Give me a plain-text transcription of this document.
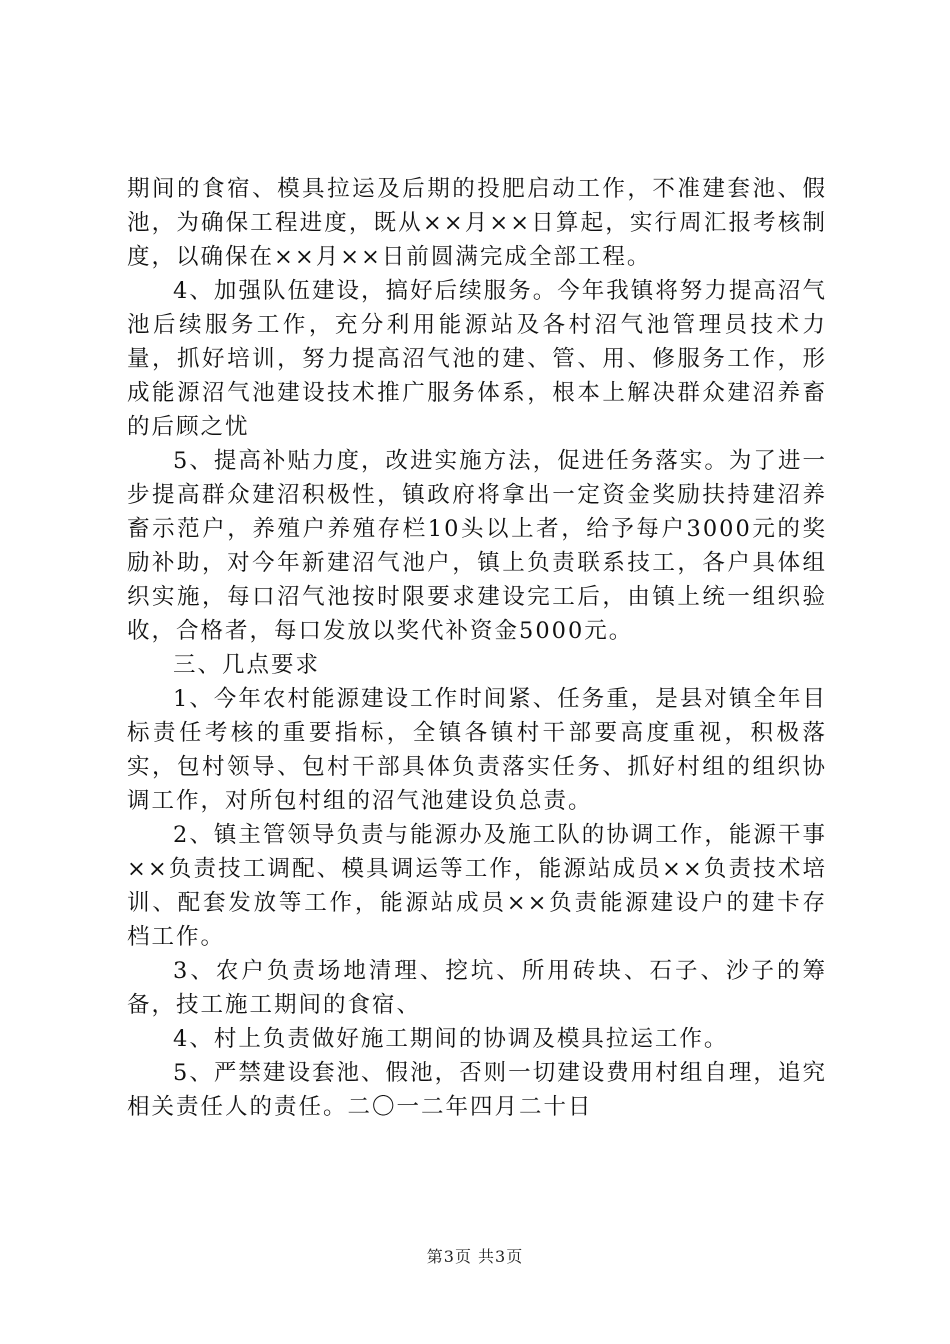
期间的食宿、模具拉运及后期的投肥启动工作，不准建套池、假池，为确保工程进度，既从××月××日算起，实行周汇报考核制度，以确保在××月××日前圆满完成全部工程。

4、加强队伍建设，搞好后续服务。今年我镇将努力提高沼气池后续服务工作，充分利用能源站及各村沼气池管理员技术力量，抓好培训，努力提高沼气池的建、管、用、修服务工作，形成能源沼气池建设技术推广服务体系，根本上解决群众建沼养畜的后顾之忧

5、提高补贴力度，改进实施方法，促进任务落实。为了进一步提高群众建沼积极性，镇政府将拿出一定资金奖励扶持建沼养畜示范户，养殖户养殖存栏10头以上者，给予每户3000元的奖励补助，对今年新建沼气池户，镇上负责联系技工，各户具体组织实施，每口沼气池按时限要求建设完工后，由镇上统一组织验收，合格者，每口发放以奖代补资金5000元。

三、几点要求

1、今年农村能源建设工作时间紧、任务重，是县对镇全年目标责任考核的重要指标，全镇各镇村干部要高度重视，积极落实，包村领导、包村干部具体负责落实任务、抓好村组的组织协调工作，对所包村组的沼气池建设负总责。

2、镇主管领导负责与能源办及施工队的协调工作，能源干事××负责技工调配、模具调运等工作，能源站成员××负责技术培训、配套发放等工作，能源站成员××负责能源建设户的建卡存档工作。

3、农户负责场地清理、挖坑、所用砖块、石子、沙子的筹备，技工施工期间的食宿、

4、村上负责做好施工期间的协调及模具拉运工作。

5、严禁建设套池、假池，否则一切建设费用村组自理，追究相关责任人的责任。二〇一二年四月二十日

第3页 共3页
